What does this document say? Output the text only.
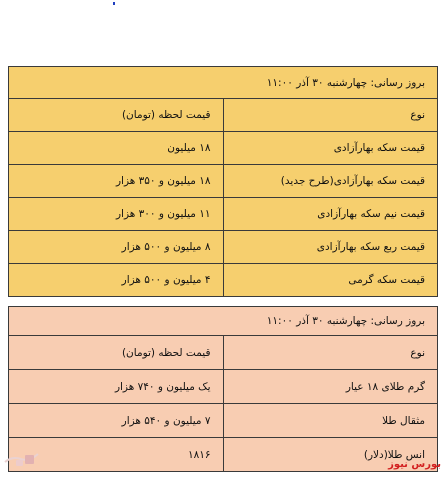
بروز رسانی: چهارشنبه ۳۰ آذر ۱۱:۰۰	
نوع	قیمت لحظه (تومان)
قیمت سکه بهارآزادی	۱۸ میلیون
قیمت سکه بهارآزادی(طرح جدید)	۱۸ میلیون و ۳۵۰ هزار
قیمت نیم سکه بهارآزادی	۱۱ میلیون و ۳۰۰ هزار
قیمت ربع سکه بهارآزادی	۸ میلیون و ۵۰۰ هزار
قیمت سکه گرمی	۴ میلیون و ۵۰۰ هزار
بروز رسانی: چهارشنبه ۳۰ آذر ۱۱:۰۰	
نوع	قیمت لحظه (تومان)
گرم طلای ۱۸ عیار	یک میلیون و ۷۴۰ هزار
مثقال طلا	۷ میلیون و ۵۴۰ هزار
انس طلا(دلار)	۱۸۱۶
بورس نیوز
